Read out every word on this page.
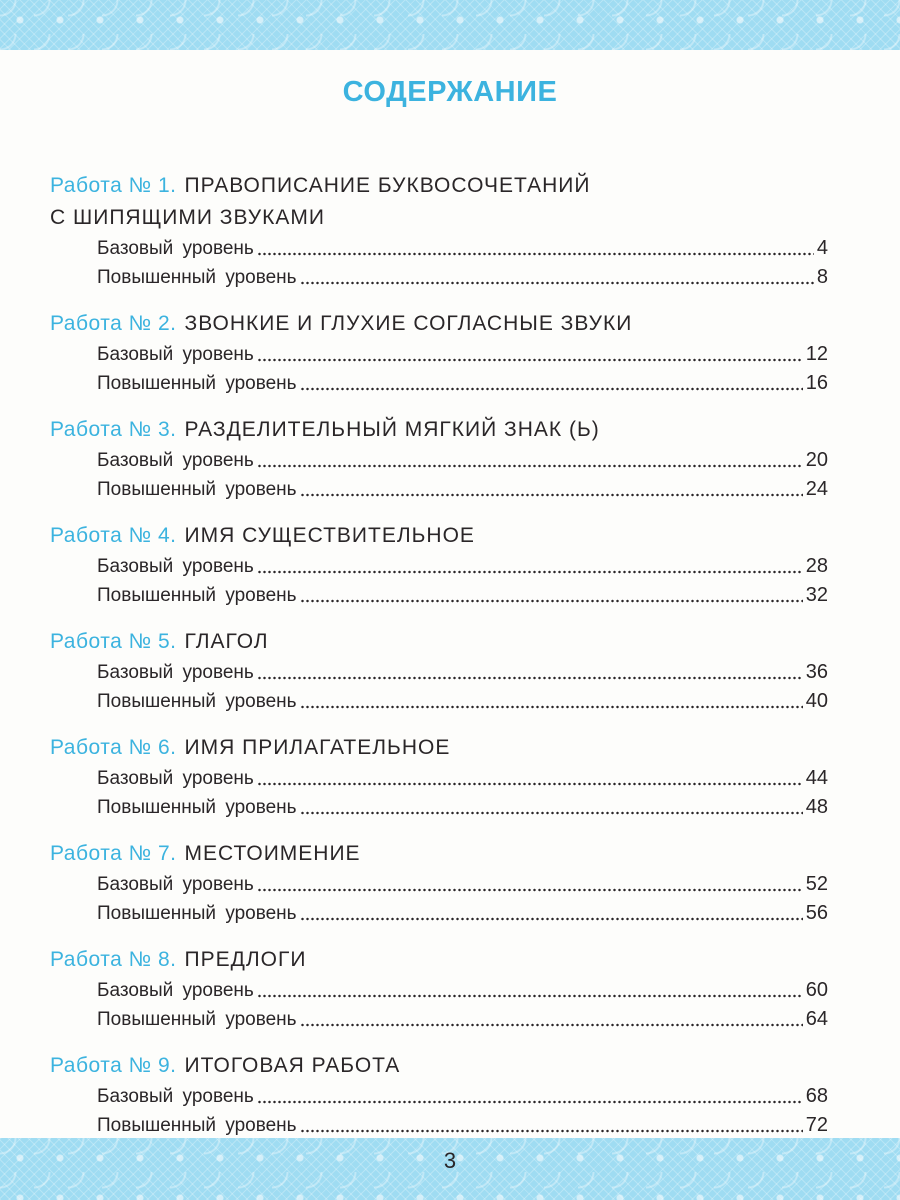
СОДЕРЖАНИЕ
Работа № 1. ПРАВОПИСАНИЕ БУКВОСОЧЕТАНИЙ
С ШИПЯЩИМИ ЗВУКАМИ
Базовый уровень	4
Повышенный уровень	8
Работа № 2. ЗВОНКИЕ И ГЛУХИЕ СОГЛАСНЫЕ ЗВУКИ
Базовый уровень	12
Повышенный уровень	16
Работа № 3. РАЗДЕЛИТЕЛЬНЫЙ МЯГКИЙ ЗНАК (Ь)
Базовый уровень	20
Повышенный уровень	24
Работа № 4. ИМЯ СУЩЕСТВИТЕЛЬНОЕ
Базовый уровень	28
Повышенный уровень	32
Работа № 5. ГЛАГОЛ
Базовый уровень	36
Повышенный уровень	40
Работа № 6. ИМЯ ПРИЛАГАТЕЛЬНОЕ
Базовый уровень	44
Повышенный уровень	48
Работа № 7. МЕСТОИМЕНИЕ
Базовый уровень	52
Повышенный уровень	56
Работа № 8. ПРЕДЛОГИ
Базовый уровень	60
Повышенный уровень	64
Работа № 9. ИТОГОВАЯ РАБОТА
Базовый уровень	68
Повышенный уровень	72
3
